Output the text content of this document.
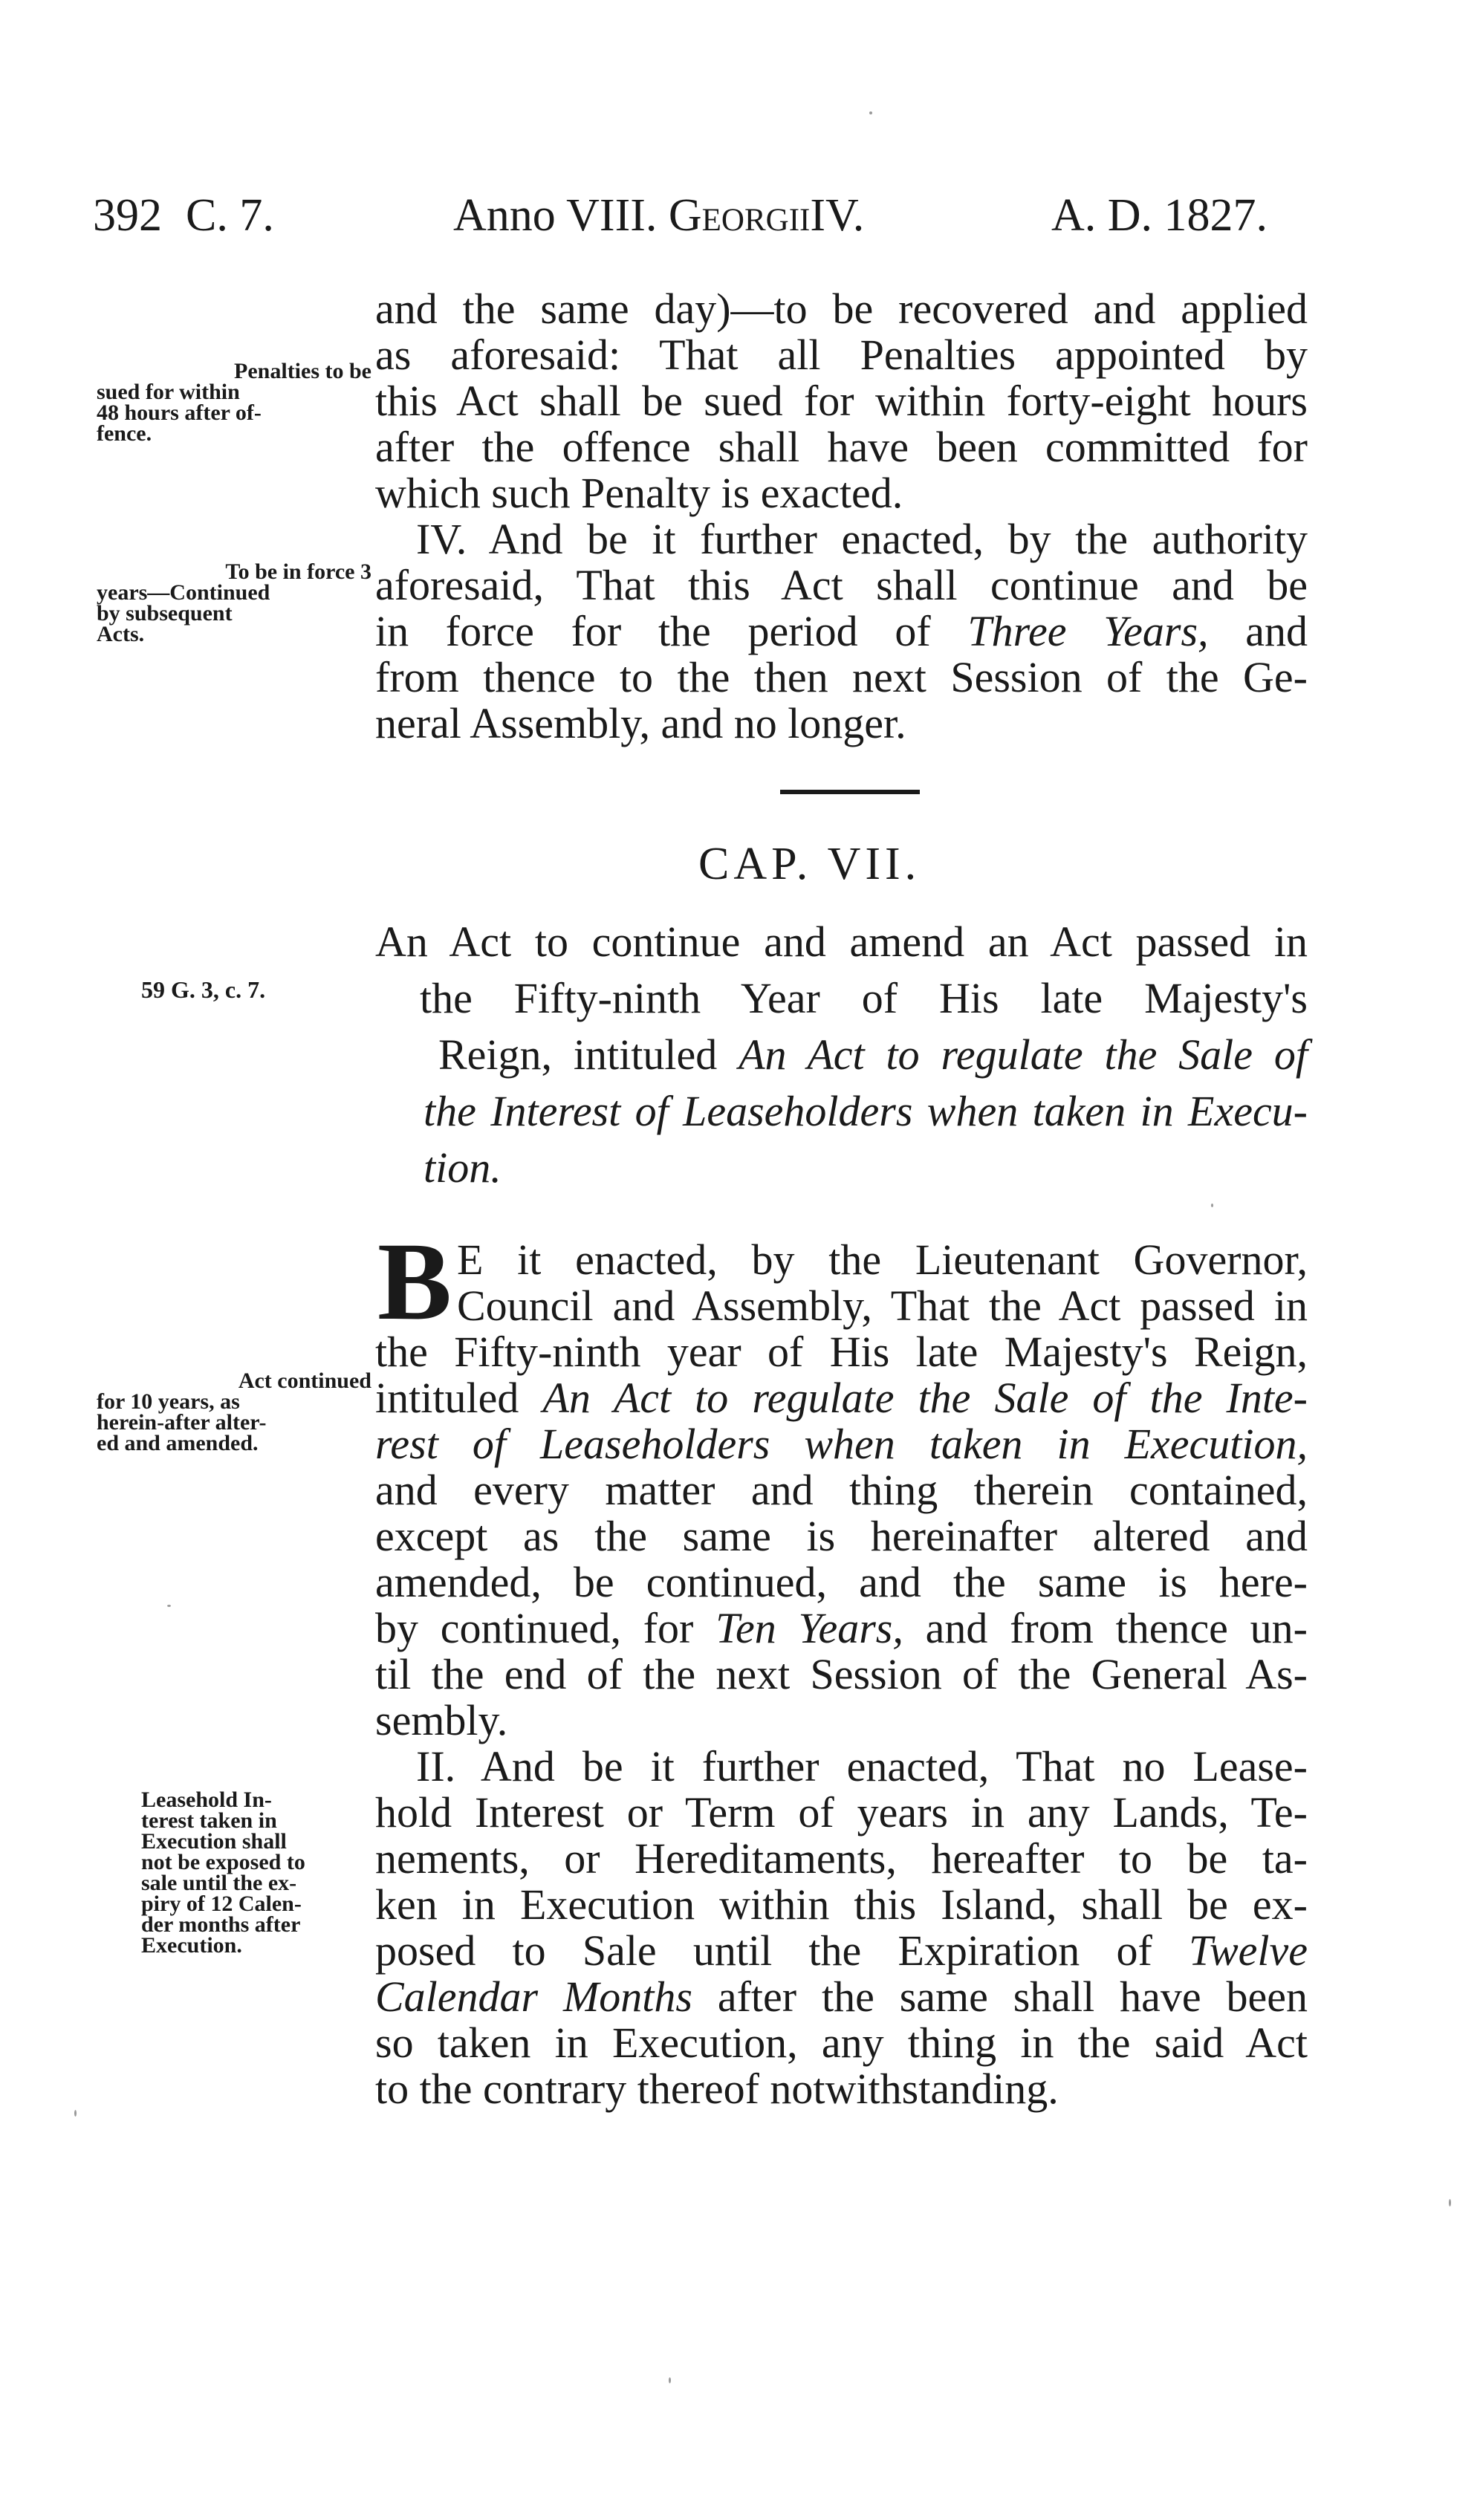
392 C. 7.	Anno VIII. GeorgiiIV.	A. D. 1827.
and the same day)—to be recovered and applied
as aforesaid: That all Penalties appointed by
this Act shall be sued for within forty-eight hours
after the offence shall have been committed for
which such Penalty is exacted.
IV. And be it further enacted, by the authority
aforesaid, That this Act shall continue and be
in force for the period of Three Years, and
from thence to the then next Session of the Ge-
neral Assembly, and no longer.
CAP. VII.
An Act to continue and amend an Act passed in
the Fifty-ninth Year of His late Majesty's
Reign, intituled An Act to regulate the Sale of
the Interest of Leaseholders when taken in Execu-
tion.
B E it enacted, by the Lieutenant Governor,
Council and Assembly, That the Act passed in
the Fifty-ninth year of His late Majesty's Reign,
intituled An Act to regulate the Sale of the Inte-
rest of Leaseholders when taken in Execution,
and every matter and thing therein contained,
except as the same is hereinafter altered and
amended, be continued, and the same is here-
by continued, for Ten Years, and from thence un-
til the end of the next Session of the General As-
sembly.
II. And be it further enacted, That no Lease-
hold Interest or Term of years in any Lands, Te-
nements, or Hereditaments, hereafter to be ta-
ken in Execution within this Island, shall be ex-
posed to Sale until the Expiration of Twelve
Calendar Months after the same shall have been
so taken in Execution, any thing in the said Act
to the contrary thereof notwithstanding.
Penalties to be
sued for within
48 hours after of-
fence.
To be in force 3
years—Continued
by subsequent
Acts.
59 G. 3, c. 7.
Act continued
for 10 years, as
herein-after alter-
ed and amended.
Leasehold In-
terest taken in
Execution shall
not be exposed to
sale until the ex-
piry of 12 Calen-
der months after
Execution.
